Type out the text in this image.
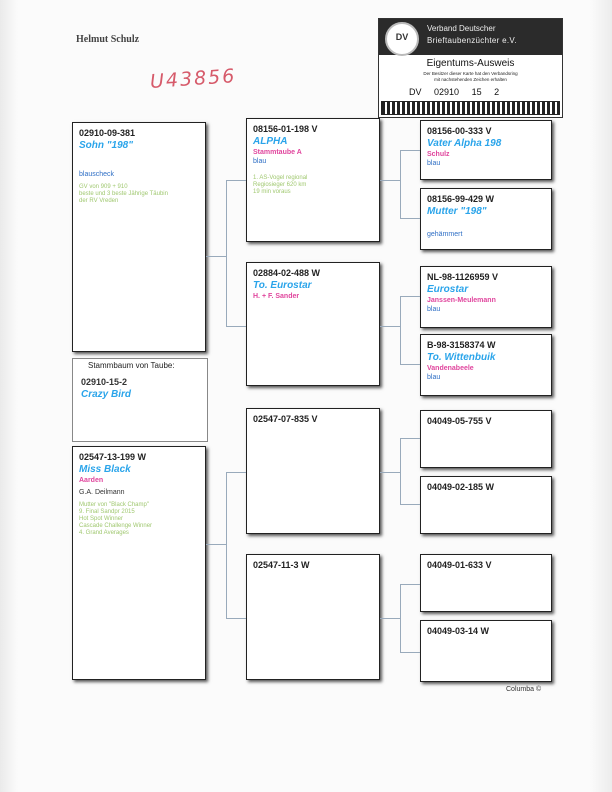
Helmut Schulz
U43856
DV
Verband Deutscher
Brieftaubenzüchter e.V.
Eigentums-Ausweis
Der Besitzer dieser Karte hat den Verbandsring
mit nachstehenden Zeichen erhalten
DV 02910 15 2
02910-09-381
Sohn "198"
blauscheck
GV von 909 + 910
beste und 3 beste Jährige Täubin
der RV Vreden
Stammbaum von Taube:
02910-15-2
Crazy Bird
02547-13-199 W
Miss Black
Aarden
G.A. Deilmann
Mutter von "Black Champ"
9. Final Sandpr 2015
Hot Spot Winner
Cascade Challenge Winner
4. Grand Averages
08156-01-198 V
ALPHA
Stammtaube A
blau
1. AS-Vogel regional
Regiosieger 620 km
19 min voraus
02884-02-488 W
To. Eurostar
H. + F. Sander
02547-07-835 V
02547-11-3 W
08156-00-333 V
Vater Alpha 198
Schulz
blau
08156-99-429 W
Mutter "198"
gehämmert
NL-98-1126959 V
Eurostar
Janssen-Meulemann
blau
B-98-3158374 W
To. Wittenbuik
Vandenabeele
blau
04049-05-755 V
04049-02-185 W
04049-01-633 V
04049-03-14 W
Columba ©
